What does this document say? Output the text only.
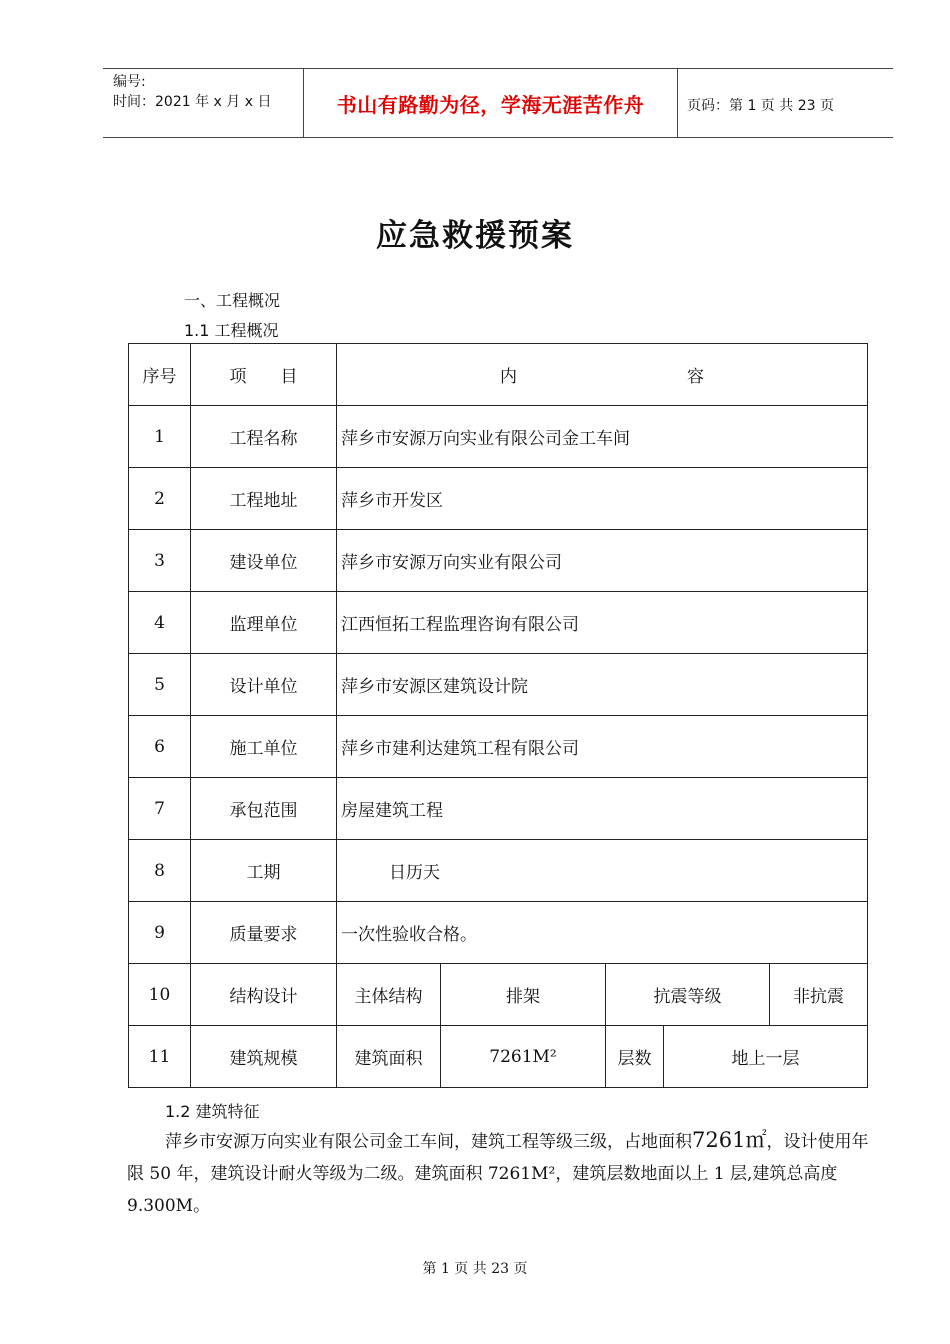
编号:
时间：2021 年 x 月 x 日	书山有路勤为径，学海无涯苦作舟	页码：第 1 页 共 23 页
应急救援预案
一、工程概况
1.1 工程概况
序号	项　　目	内　　　　　　　　　　容				
1	工程名称	萍乡市安源万向实业有限公司金工车间				
2	工程地址	萍乡市开发区				
3	建设单位	萍乡市安源万向实业有限公司				
4	监理单位	江西恒拓工程监理咨询有限公司				
5	设计单位	萍乡市安源区建筑设计院				
6	施工单位	萍乡市建利达建筑工程有限公司				
7	承包范围	房屋建筑工程				
8	工期	日历天				
9	质量要求	一次性验收合格。				
10	结构设计	主体结构	排架	抗震等级		非抗震
11	建筑规模	建筑面积	7261M²	层数	地上一层	
1.2 建筑特征
萍乡市安源万向实业有限公司金工车间，建筑工程等级三级，占地面积7261㎡，设计使用年限 50 年，建筑设计耐火等级为二级。建筑面积 7261M²，建筑层数地面以上 1 层,建筑总高度 9.300M。
第 1 页 共 23 页
